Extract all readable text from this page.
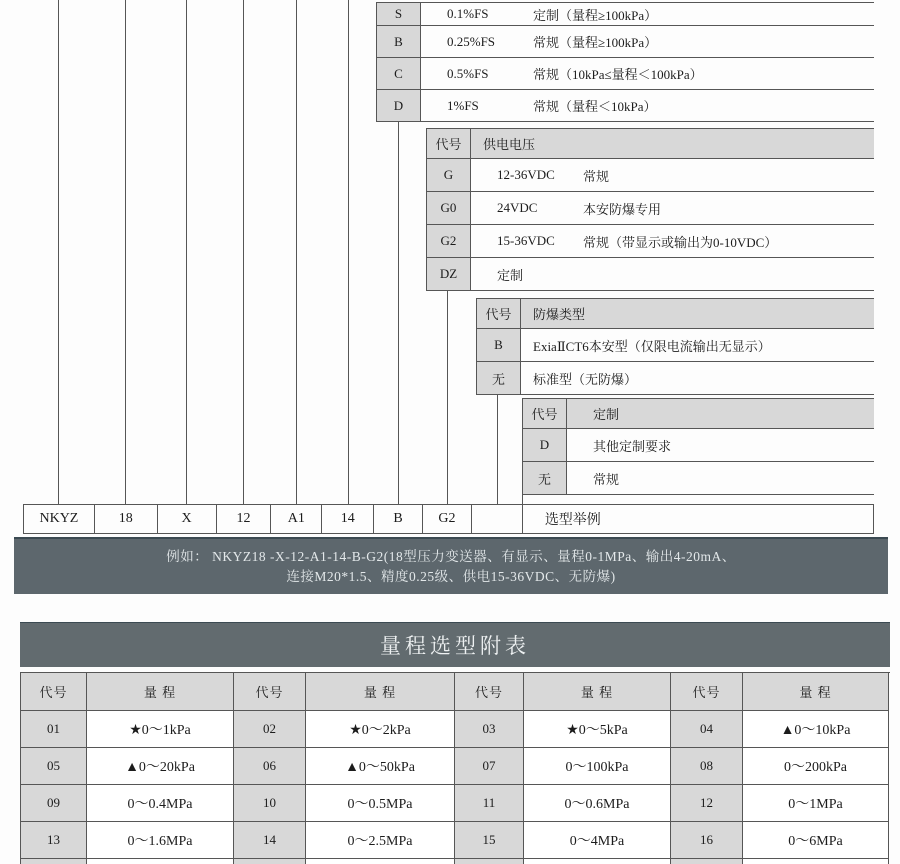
S	0.1%FS	定制（量程≥100kPa）
B	0.25%FS	常规（量程≥100kPa）
C	0.5%FS	常规（10kPa≤量程＜100kPa）
D	1%FS	常规（量程＜10kPa）
代号	供电电压
G	12-36VDC	常规
G0	24VDC	本安防爆专用
G2	15-36VDC	常规（带显示或输出为0-10VDC）
DZ	定制
代号	防爆类型
B	ExiaⅡCT6本安型（仅限电流输出无显示）
无	标准型（无防爆）
代号	定制
D	其他定制要求
无	常规
NKYZ	18	X	12	A1	14	B	G2	选型举例
例如： NKYZ18 -X-12-A1-14-B-G2(18型压力变送器、有显示、量程0-1MPa、输出4-20mA、
连接M20*1.5、精度0.25级、供电15-36VDC、无防爆)
量程选型附表
代号	量 程	代号	量 程	代号	量 程	代号	量 程
01	★0～1kPa	02	★0～2kPa	03	★0～5kPa	04	▲0～10kPa
05	▲0～20kPa	06	▲0～50kPa	07	0～100kPa	08	0～200kPa
09	0～0.4MPa	10	0～0.5MPa	11	0～0.6MPa	12	0～1MPa
13	0～1.6MPa	14	0～2.5MPa	15	0～4MPa	16	0～6MPa
